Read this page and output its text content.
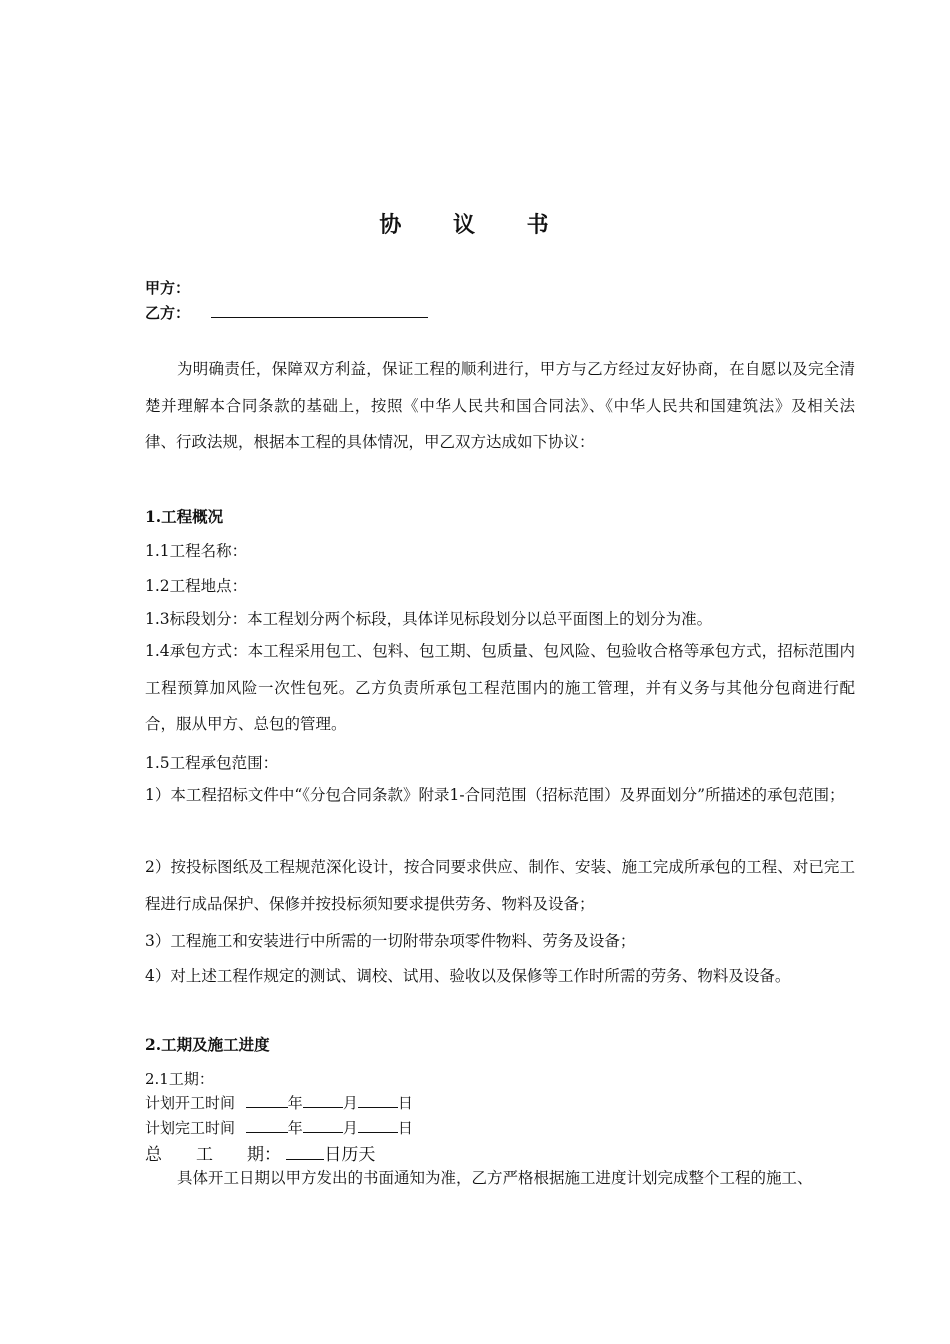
协 议 书
甲方：
乙方：
为明确责任，保障双方利益，保证工程的顺利进行，甲方与乙方经过友好协商，在自愿以及完全清楚并理解本合同条款的基础上，按照《中华人民共和国合同法》、《中华人民共和国建筑法》及相关法律、行政法规，根据本工程的具体情况，甲乙双方达成如下协议：
1.工程概况
1.1工程名称：
1.2工程地点：
1.3标段划分：本工程划分两个标段，具体详见标段划分以总平面图上的划分为准。
1.4承包方式：本工程采用包工、包料、包工期、包质量、包风险、包验收合格等承包方式，招标范围内工程预算加风险一次性包死。乙方负责所承包工程范围内的施工管理，并有义务与其他分包商进行配合，服从甲方、总包的管理。
1.5工程承包范围：
1）本工程招标文件中“《分包合同条款》附录1-合同范围（招标范围）及界面划分”所描述的承包范围；
2）按投标图纸及工程规范深化设计，按合同要求供应、制作、安装、施工完成所承包的工程、对已完工程进行成品保护、保修并按投标须知要求提供劳务、物料及设备；
3）工程施工和安装进行中所需的一切附带杂项零件物料、劳务及设备；
4）对上述工程作规定的测试、调校、试用、验收以及保修等工作时所需的劳务、物料及设备。
2.工期及施工进度
2.1工期：
计划开工时间	年	月	日
计划完工时间	年	月	日
总　　工　　期：	日历天
具体开工日期以甲方发出的书面通知为准，乙方严格根据施工进度计划完成整个工程的施工、
